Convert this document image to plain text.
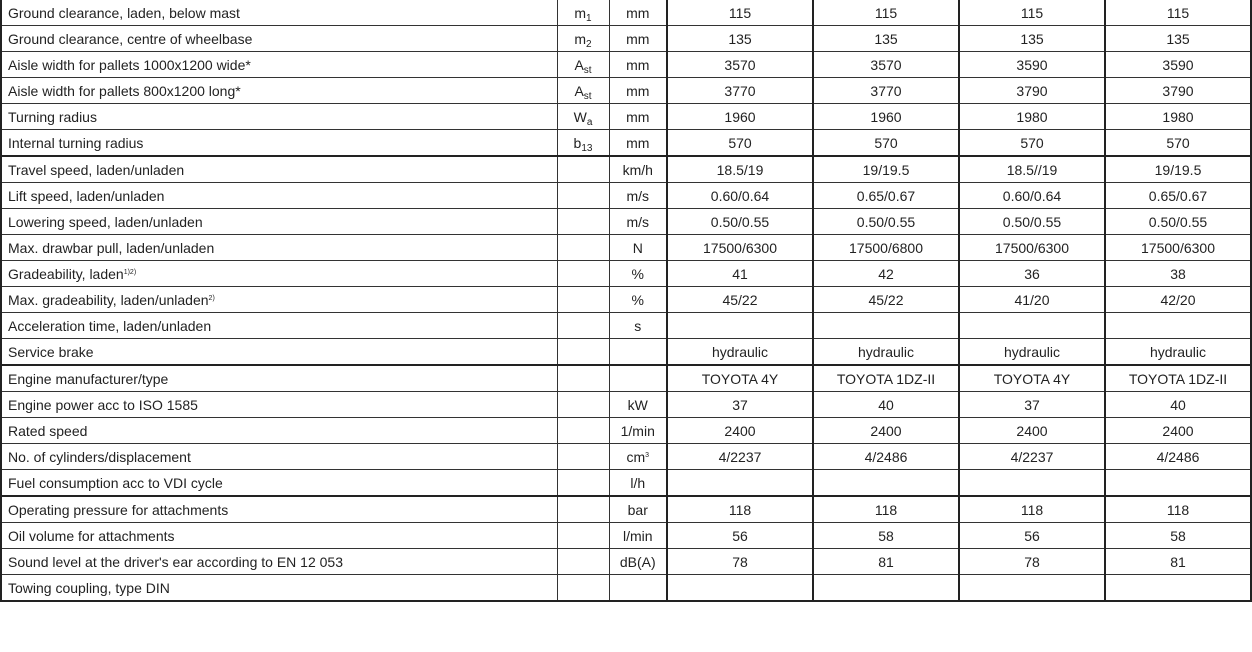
Ground clearance, laden, below mast	$m_1$	mm	115	115	115	115
Ground clearance, centre of wheelbase	$m_2$	mm	135	135	135	135
Aisle width for pallets 1000x1200 wide*	$A_{st}$	mm	3570	3570	3590	3590
Aisle width for pallets 800x1200 long*	$A_{st}$	mm	3770	3770	3790	3790
Turning radius	$W_a$	mm	1960	1960	1980	1980
Internal turning radius	$b_{13}$	mm	570	570	570	570
Travel speed, laden/unladen		km/h	18.5/19	19/19.5	18.5//19	19/19.5
Lift speed, laden/unladen		m/s	0.60/0.64	0.65/0.67	0.60/0.64	0.65/0.67
Lowering speed, laden/unladen		m/s	0.50/0.55	0.50/0.55	0.50/0.55	0.50/0.55
Max. drawbar pull, laden/unladen		N	17500/6300	17500/6800	17500/6300	17500/6300
Gradeability, laden$^{1)2)}$		%	41	42	36	38
Max. gradeability, laden/unladen$^{2)}$		%	45/22	45/22	41/20	42/20
Acceleration time, laden/unladen		s				
Service brake			hydraulic	hydraulic	hydraulic	hydraulic
Engine manufacturer/type			TOYOTA 4Y	TOYOTA 1DZ-II	TOYOTA 4Y	TOYOTA 1DZ-II
Engine power acc to ISO 1585		kW	37	40	37	40
Rated speed		1/min	2400	2400	2400	2400
No. of cylinders/displacement		$cm^3$	4/2237	4/2486	4/2237	4/2486
Fuel consumption acc to VDI cycle		l/h				
Operating pressure for attachments		bar	118	118	118	118
Oil volume for attachments		l/min	56	58	56	58
Sound level at the driver's ear according to EN 12 053		dB(A)	78	81	78	81
Towing coupling, type DIN						
